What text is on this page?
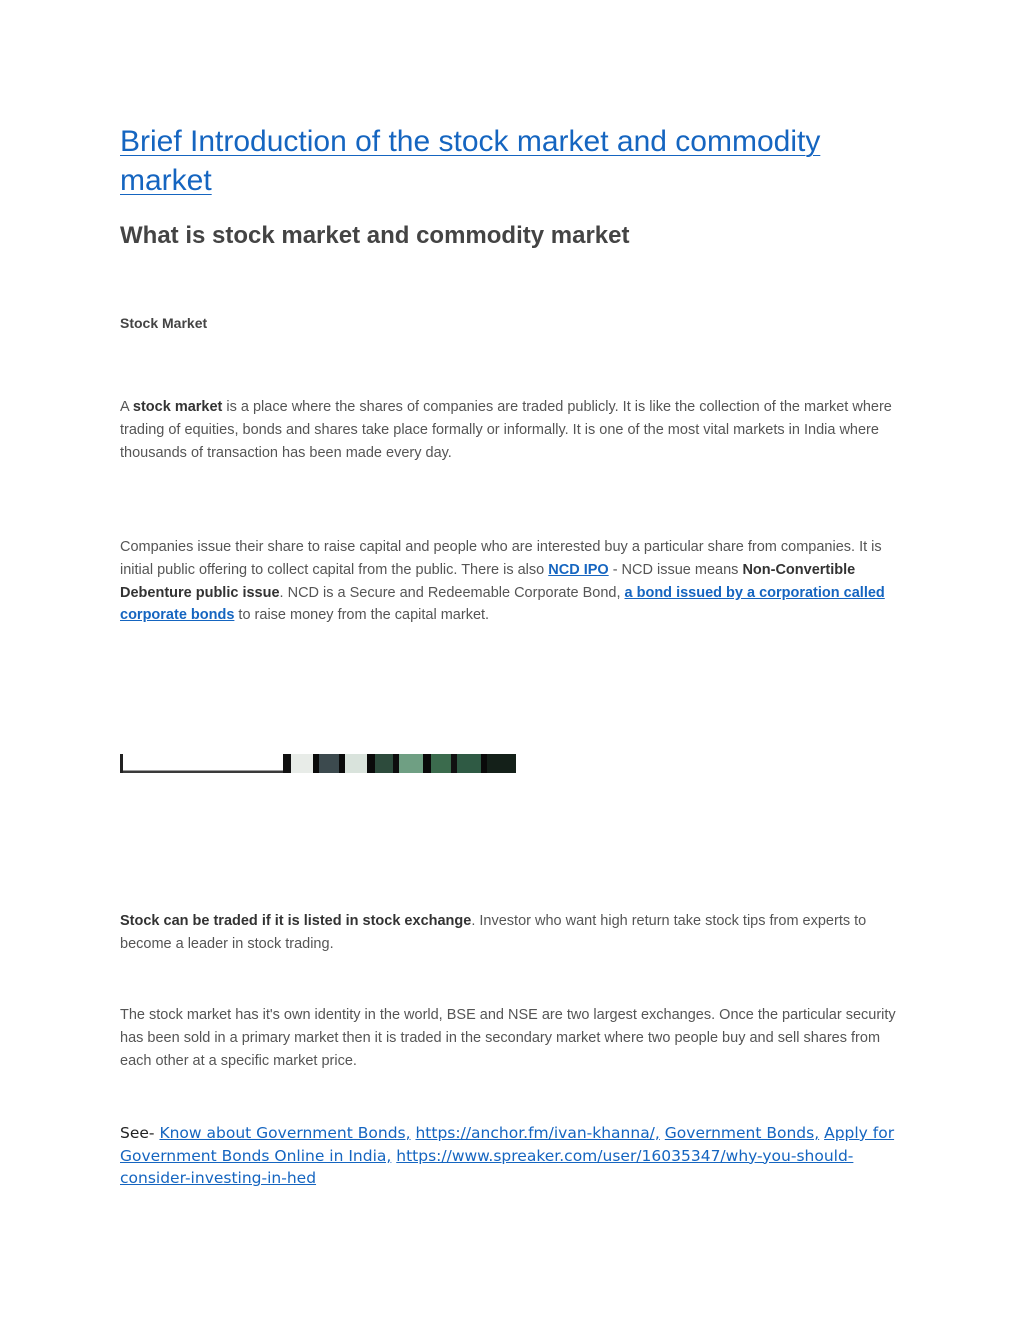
Brief Introduction of the stock market and commodity market
What is stock market and commodity market
Stock Market

A stock market is a place where the shares of companies are traded publicly. It is like the collection of the market where trading of equities, bonds and shares take place formally or informally. It is one of the most vital markets in India where thousands of transaction has been made every day.

Companies issue their share to raise capital and people who are interested buy a particular share from companies. It is initial public offering to collect capital from the public. There is also NCD IPO - NCD issue means Non-Convertible Debenture public issue. NCD is a Secure and Redeemable Corporate Bond, a bond issued by a corporation called corporate bonds to raise money from the capital market.

Stock can be traded if it is listed in stock exchange. Investor who want high return take stock tips from experts to become a leader in stock trading.

The stock market has it's own identity in the world, BSE and NSE are two largest exchanges. Once the particular security has been sold in a primary market then it is traded in the secondary market where two people buy and sell shares from each other at a specific market price.

See- Know about Government Bonds, https://anchor.fm/ivan-khanna/, Government Bonds, Apply for Government Bonds Online in India, https://www.spreaker.com/user/16035347/why-you-should-consider-investing-in-hed
